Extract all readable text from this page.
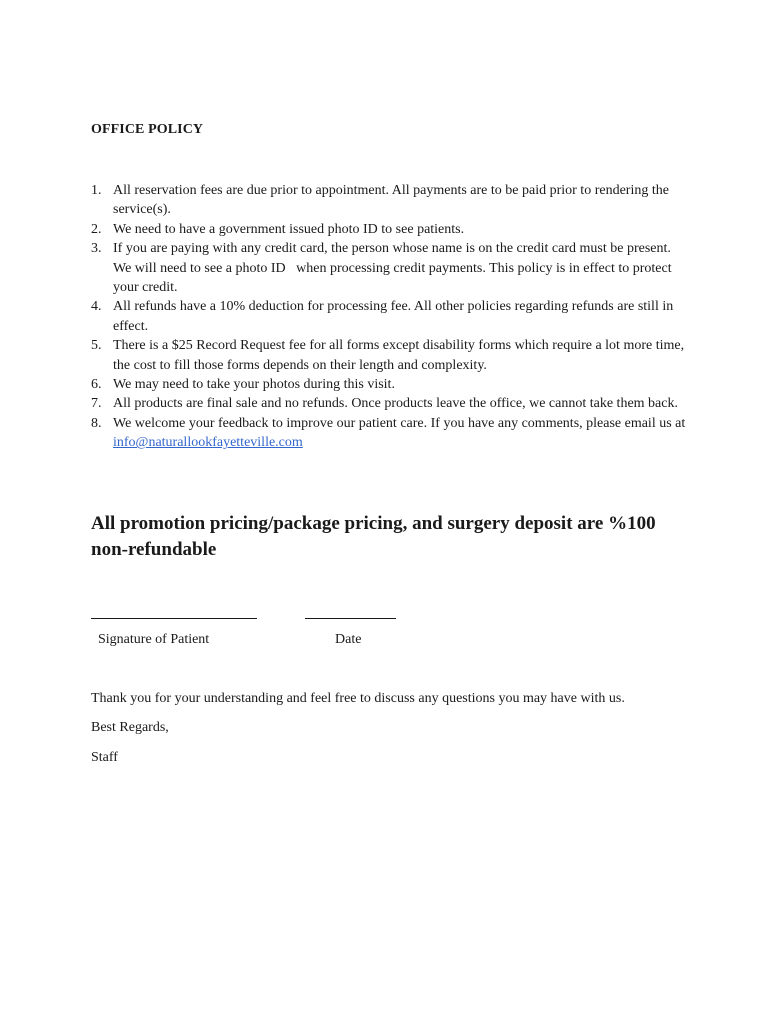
OFFICE POLICY
1. All reservation fees are due prior to appointment. All payments are to be paid prior to rendering the service(s).
2. We need to have a government issued photo ID to see patients.
3. If you are paying with any credit card, the person whose name is on the credit card must be present. We will need to see a photo ID   when processing credit payments. This policy is in effect to protect your credit.
4. All refunds have a 10% deduction for processing fee. All other policies regarding refunds are still in effect.
5. There is a $25 Record Request fee for all forms except disability forms which require a lot more time, the cost to fill those forms depends on their length and complexity.
6. We may need to take your photos during this visit.
7. All products are final sale and no refunds. Once products leave the office, we cannot take them back.
8. We welcome your feedback to improve our patient care. If you have any comments, please email us at info@naturallookfayetteville.com
All promotion pricing/package pricing, and surgery deposit are %100 non-refundable
Signature of Patient	Date
Thank you for your understanding and feel free to discuss any questions you may have with us.
Best Regards,
Staff
